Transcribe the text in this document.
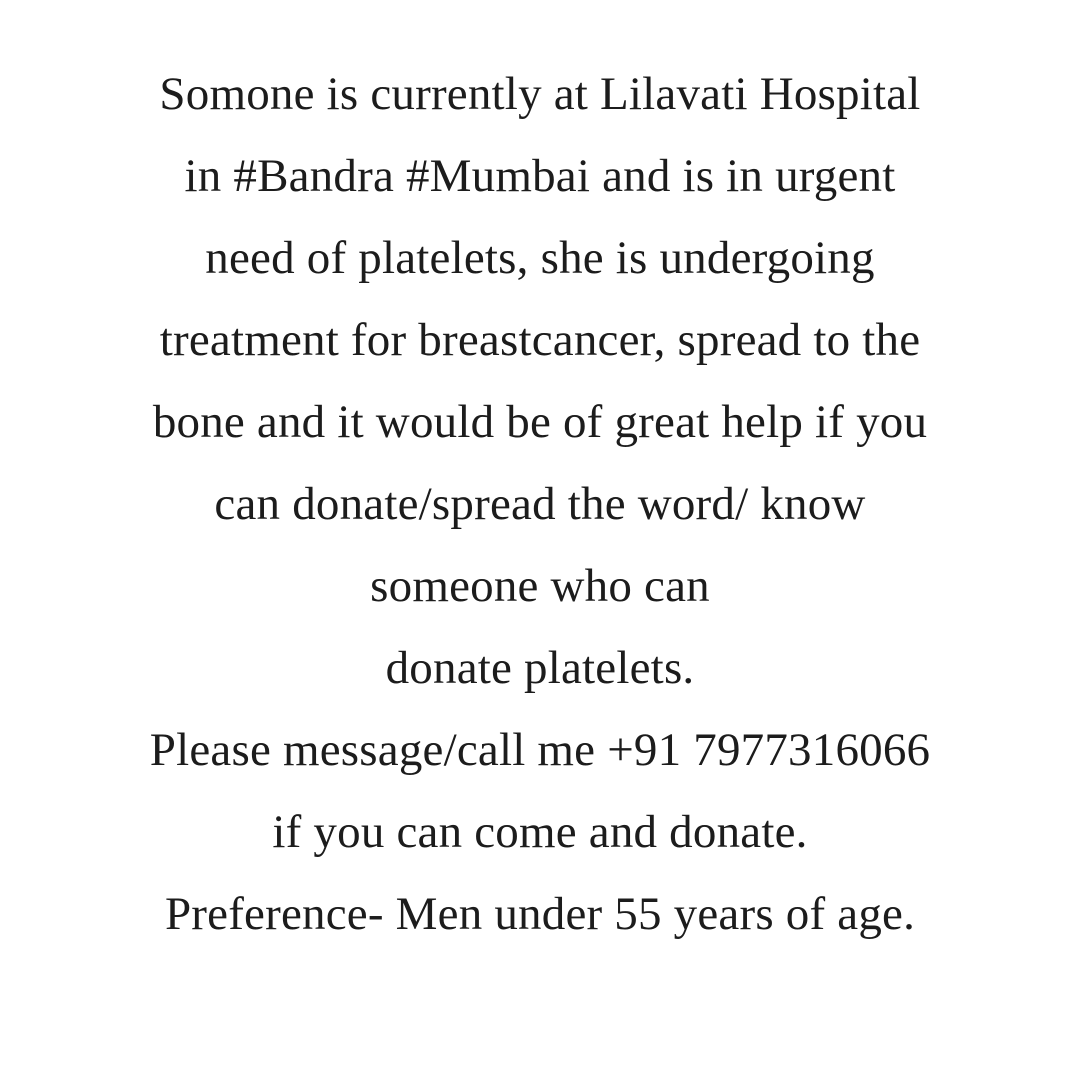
Somone is currently at Lilavati Hospital
in #Bandra #Mumbai and is in urgent
need of platelets, she is undergoing
treatment for breastcancer, spread to the
bone and it would be of great help if you
can donate/spread the word/ know
someone who can
donate platelets.
Please message/call me +91 7977316066
if you can come and donate.
Preference- Men under 55 years of age.
